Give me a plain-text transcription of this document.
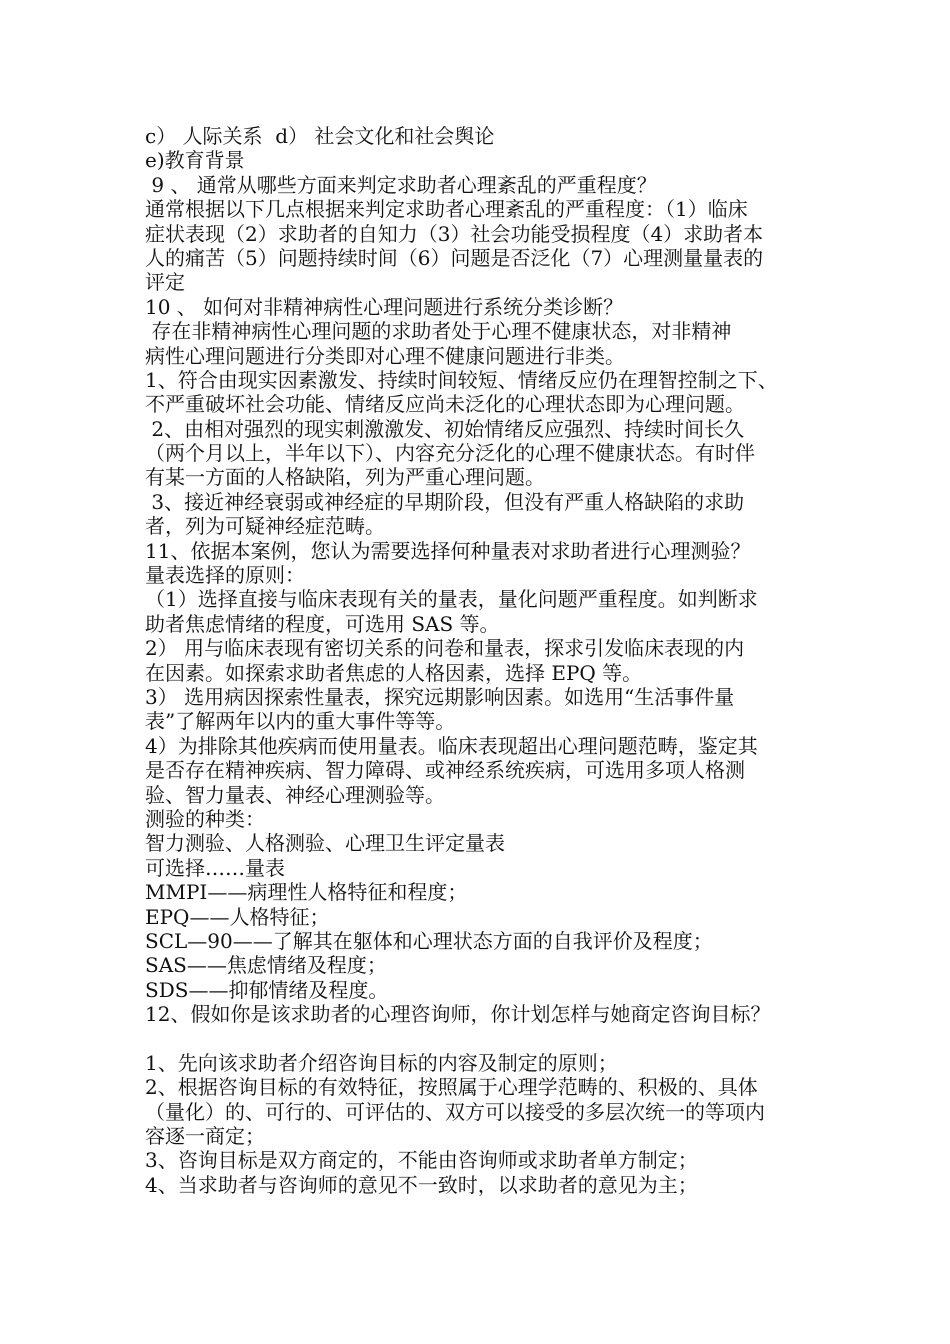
c） 人际关系  d） 社会文化和社会舆论
e)教育背景
9 、 通常从哪些方面来判定求助者心理紊乱的严重程度？
通常根据以下几点根据来判定求助者心理紊乱的严重程度：（1）临床
症状表现（2）求助者的自知力（3）社会功能受损程度（4）求助者本
人的痛苦（5）问题持续时间（6）问题是否泛化（7）心理测量量表的
评定
10 、 如何对非精神病性心理问题进行系统分类诊断？
存在非精神病性心理问题的求助者处于心理不健康状态，对非精神
病性心理问题进行分类即对心理不健康问题进行非类。
1、符合由现实因素激发、持续时间较短、情绪反应仍在理智控制之下、
不严重破坏社会功能、情绪反应尚未泛化的心理状态即为心理问题。
2、由相对强烈的现实刺激激发、初始情绪反应强烈、持续时间长久
（两个月以上，半年以下）、内容充分泛化的心理不健康状态。有时伴
有某一方面的人格缺陷，列为严重心理问题。
3、接近神经衰弱或神经症的早期阶段，但没有严重人格缺陷的求助
者，列为可疑神经症范畴。
11、依据本案例，您认为需要选择何种量表对求助者进行心理测验？
量表选择的原则：
（1）选择直接与临床表现有关的量表，量化问题严重程度。如判断求
助者焦虑情绪的程度，可选用 SAS 等。
2） 用与临床表现有密切关系的问卷和量表，探求引发临床表现的内
在因素。如探索求助者焦虑的人格因素，选择 EPQ 等。
3） 选用病因探索性量表，探究远期影响因素。如选用“生活事件量
表”了解两年以内的重大事件等等。
4）为排除其他疾病而使用量表。临床表现超出心理问题范畴，鉴定其
是否存在精神疾病、智力障碍、或神经系统疾病，可选用多项人格测
验、智力量表、神经心理测验等。
测验的种类：
智力测验、人格测验、心理卫生评定量表
可选择……量表
MMPI——病理性人格特征和程度；
EPQ——人格特征；
SCL—90——了解其在躯体和心理状态方面的自我评价及程度；
SAS——焦虑情绪及程度；
SDS——抑郁情绪及程度。
12、假如你是该求助者的心理咨询师，你计划怎样与她商定咨询目标？
1、先向该求助者介绍咨询目标的内容及制定的原则；
2、根据咨询目标的有效特征，按照属于心理学范畴的、积极的、具体
（量化）的、可行的、可评估的、双方可以接受的多层次统一的等项内
容逐一商定；
3、咨询目标是双方商定的，不能由咨询师或求助者单方制定；
4、当求助者与咨询师的意见不一致时，以求助者的意见为主；
